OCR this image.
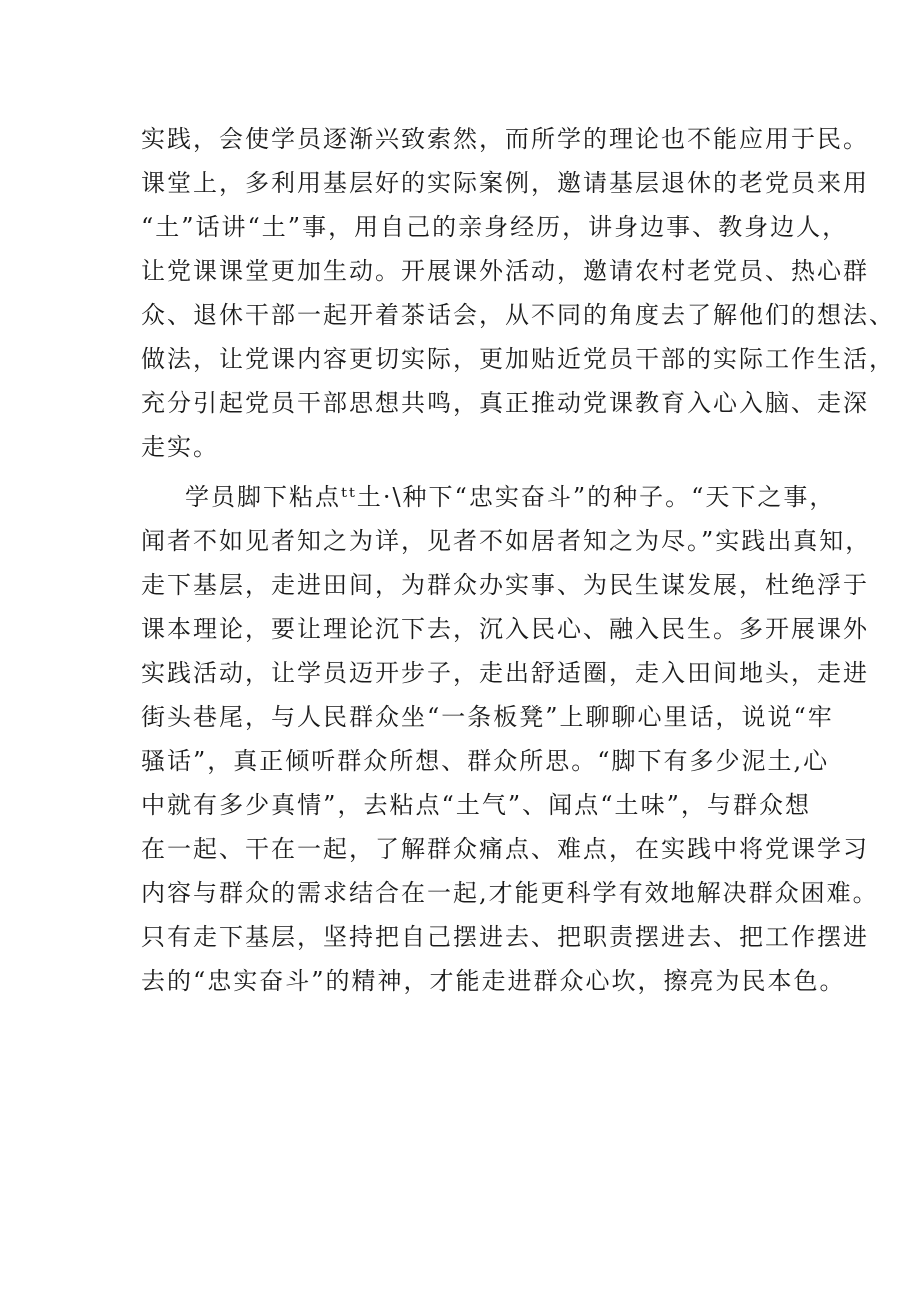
实践，会使学员逐渐兴致索然，而所学的理论也不能应用于民。
课堂上，多利用基层好的实际案例，邀请基层退休的老党员来用
“土”话讲“土”事，用自己的亲身经历，讲身边事、教身边人，
让党课课堂更加生动。开展课外活动，邀请农村老党员、热心群
众、退休干部一起开着茶话会，从不同的角度去了解他们的想法、
做法，让党课内容更切实际，更加贴近党员干部的实际工作生活，
充分引起党员干部思想共鸣，真正推动党课教育入心入脑、走深
走实。
学员脚下粘点ᵗᵗ土·\种下“忠实奋斗”的种子。“天下之事，
闻者不如见者知之为详，见者不如居者知之为尽。”实践出真知，
走下基层，走进田间，为群众办实事、为民生谋发展，杜绝浮于
课本理论，要让理论沉下去，沉入民心、融入民生。多开展课外
实践活动，让学员迈开步子，走出舒适圈，走入田间地头，走进
街头巷尾，与人民群众坐“一条板凳”上聊聊心里话，说说“牢
骚话”，真正倾听群众所想、群众所思。“脚下有多少泥土,心
中就有多少真情”，去粘点“土气”、闻点“土味”，与群众想
在一起、干在一起，了解群众痛点、难点，在实践中将党课学习
内容与群众的需求结合在一起,才能更科学有效地解决群众困难。
只有走下基层，坚持把自己摆进去、把职责摆进去、把工作摆进
去的“忠实奋斗”的精神，才能走进群众心坎，擦亮为民本色。
